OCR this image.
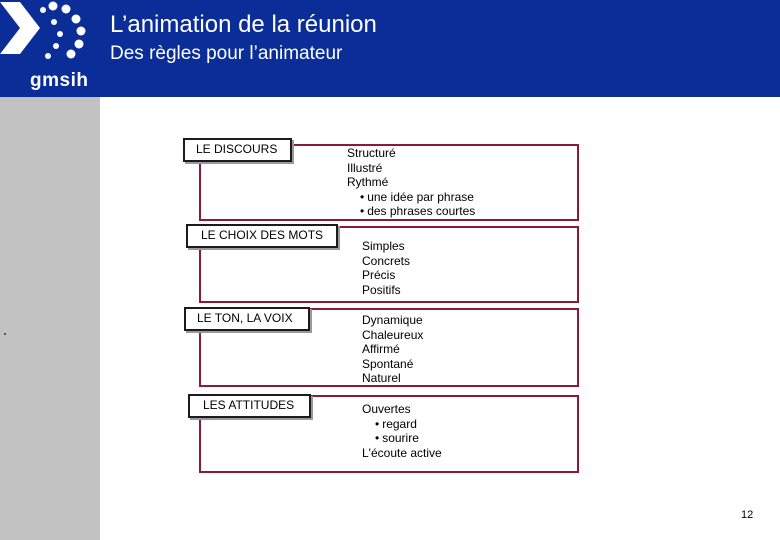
gmsih
L’animation de la réunion
Des règles pour l’animateur
Structuré
Illustré
Rythmé
• une idée par phrase
• des phrases courtes
LE DISCOURS
Simples
Concrets
Précis
Positifs
LE CHOIX DES MOTS
Dynamique
Chaleureux
Affirmé
Spontané
Naturel
LE TON, LA VOIX
Ouvertes
• regard
• sourire
L'écoute active
LES ATTITUDES
12
